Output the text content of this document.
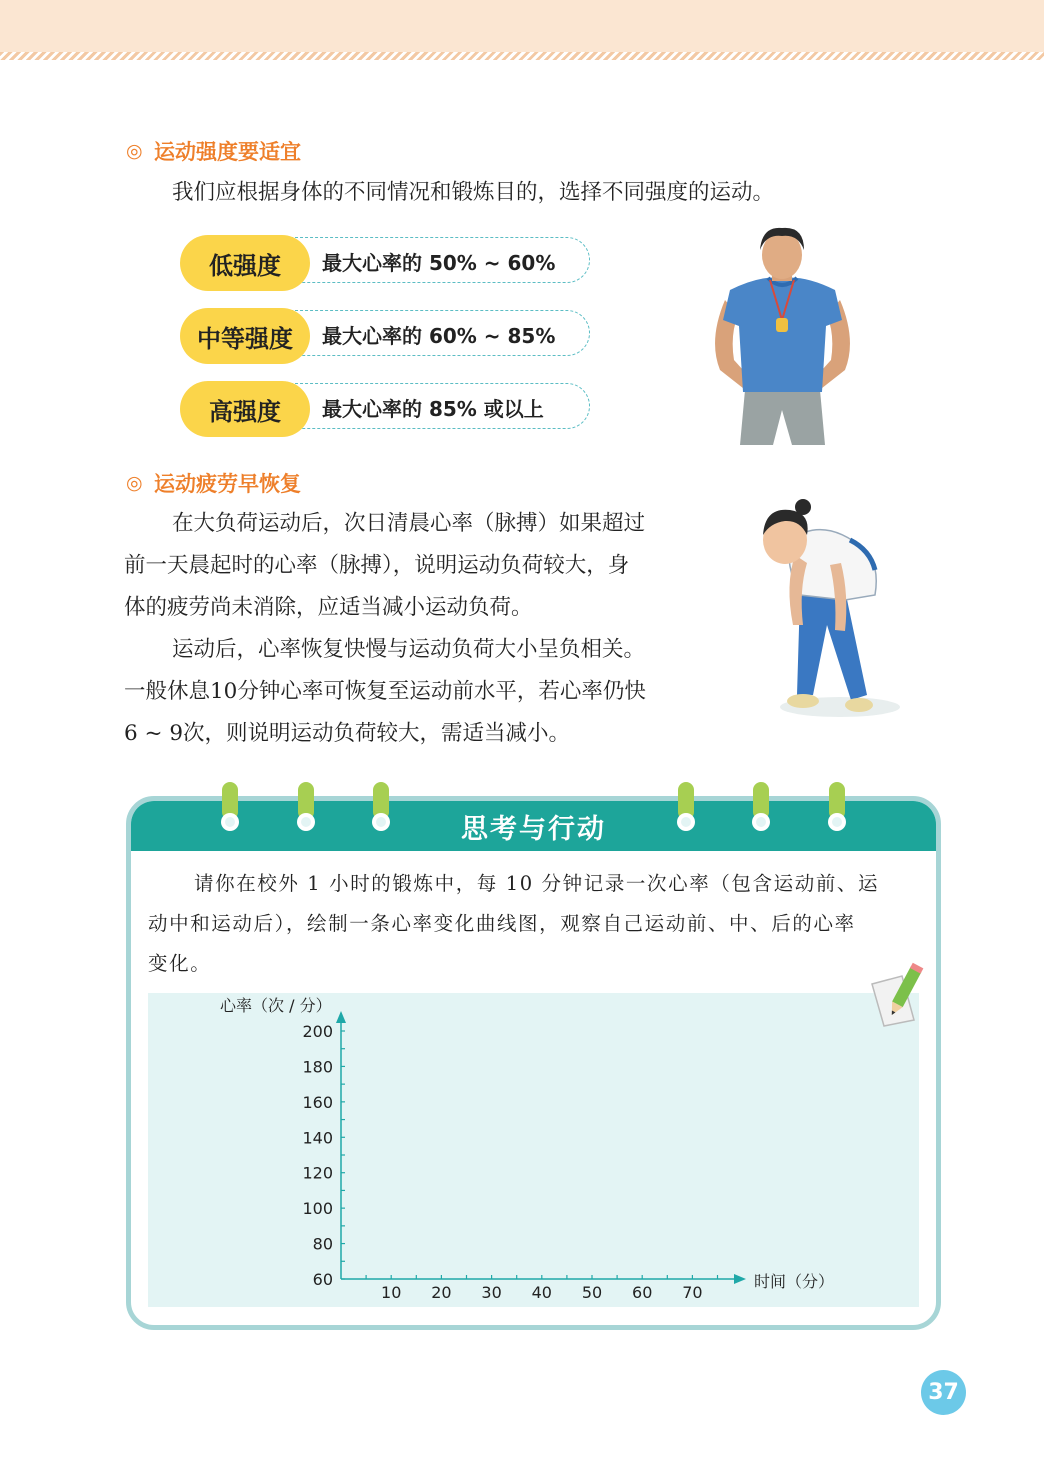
◎ 运动强度要适宜
我们应根据身体的不同情况和锻炼目的，选择不同强度的运动。
低强度	最大心率的 50% ~ 60%
中等强度	最大心率的 60% ~ 85%
高强度	最大心率的 85% 或以上
◎ 运动疲劳早恢复
在大负荷运动后，次日清晨心率（脉搏）如果超过
前一天晨起时的心率（脉搏），说明运动负荷较大，身
体的疲劳尚未消除，应适当减小运动负荷。
运动后，心率恢复快慢与运动负荷大小呈负相关。
一般休息10分钟心率可恢复至运动前水平，若心率仍快
6 ~ 9次，则说明运动负荷较大，需适当减小。
思考与行动
请你在校外 1 小时的锻炼中，每 10 分钟记录一次心率（包含运动前、运
动中和运动后），绘制一条心率变化曲线图，观察自己运动前、中、后的心率
变化。
心率（次 / 分）
时间（分）
60
80
100
120
140
160
180
200
10 20 30 40 50 60 70
37
